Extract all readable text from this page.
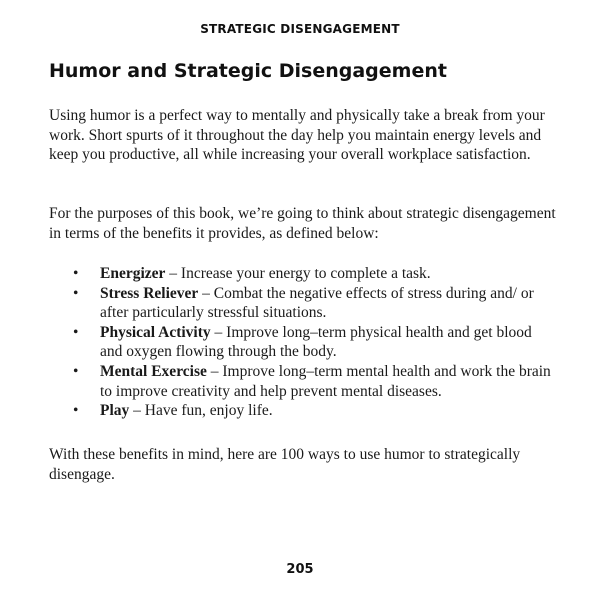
STRATEGIC DISENGAGEMENT
Humor and Strategic Disengagement

Using humor is a perfect way to mentally and physically take a break from your work. Short spurts of it throughout the day help you maintain energy levels and keep you productive, all while increasing your overall workplace satisfaction.

For the purposes of this book, we’re going to think about strategic disengagement in terms of the benefits it provides, as defined below:

• Energizer – Increase your energy to complete a task.
• Stress Reliever – Combat the negative effects of stress during and/ or after particularly stressful situations.
• Physical Activity – Improve long–term physical health and get blood and oxygen flowing through the body.
• Mental Exercise – Improve long–term mental health and work the brain to improve creativity and help prevent mental diseases.
• Play – Have fun, enjoy life.

With these benefits in mind, here are 100 ways to use humor to strategically disengage.

205
